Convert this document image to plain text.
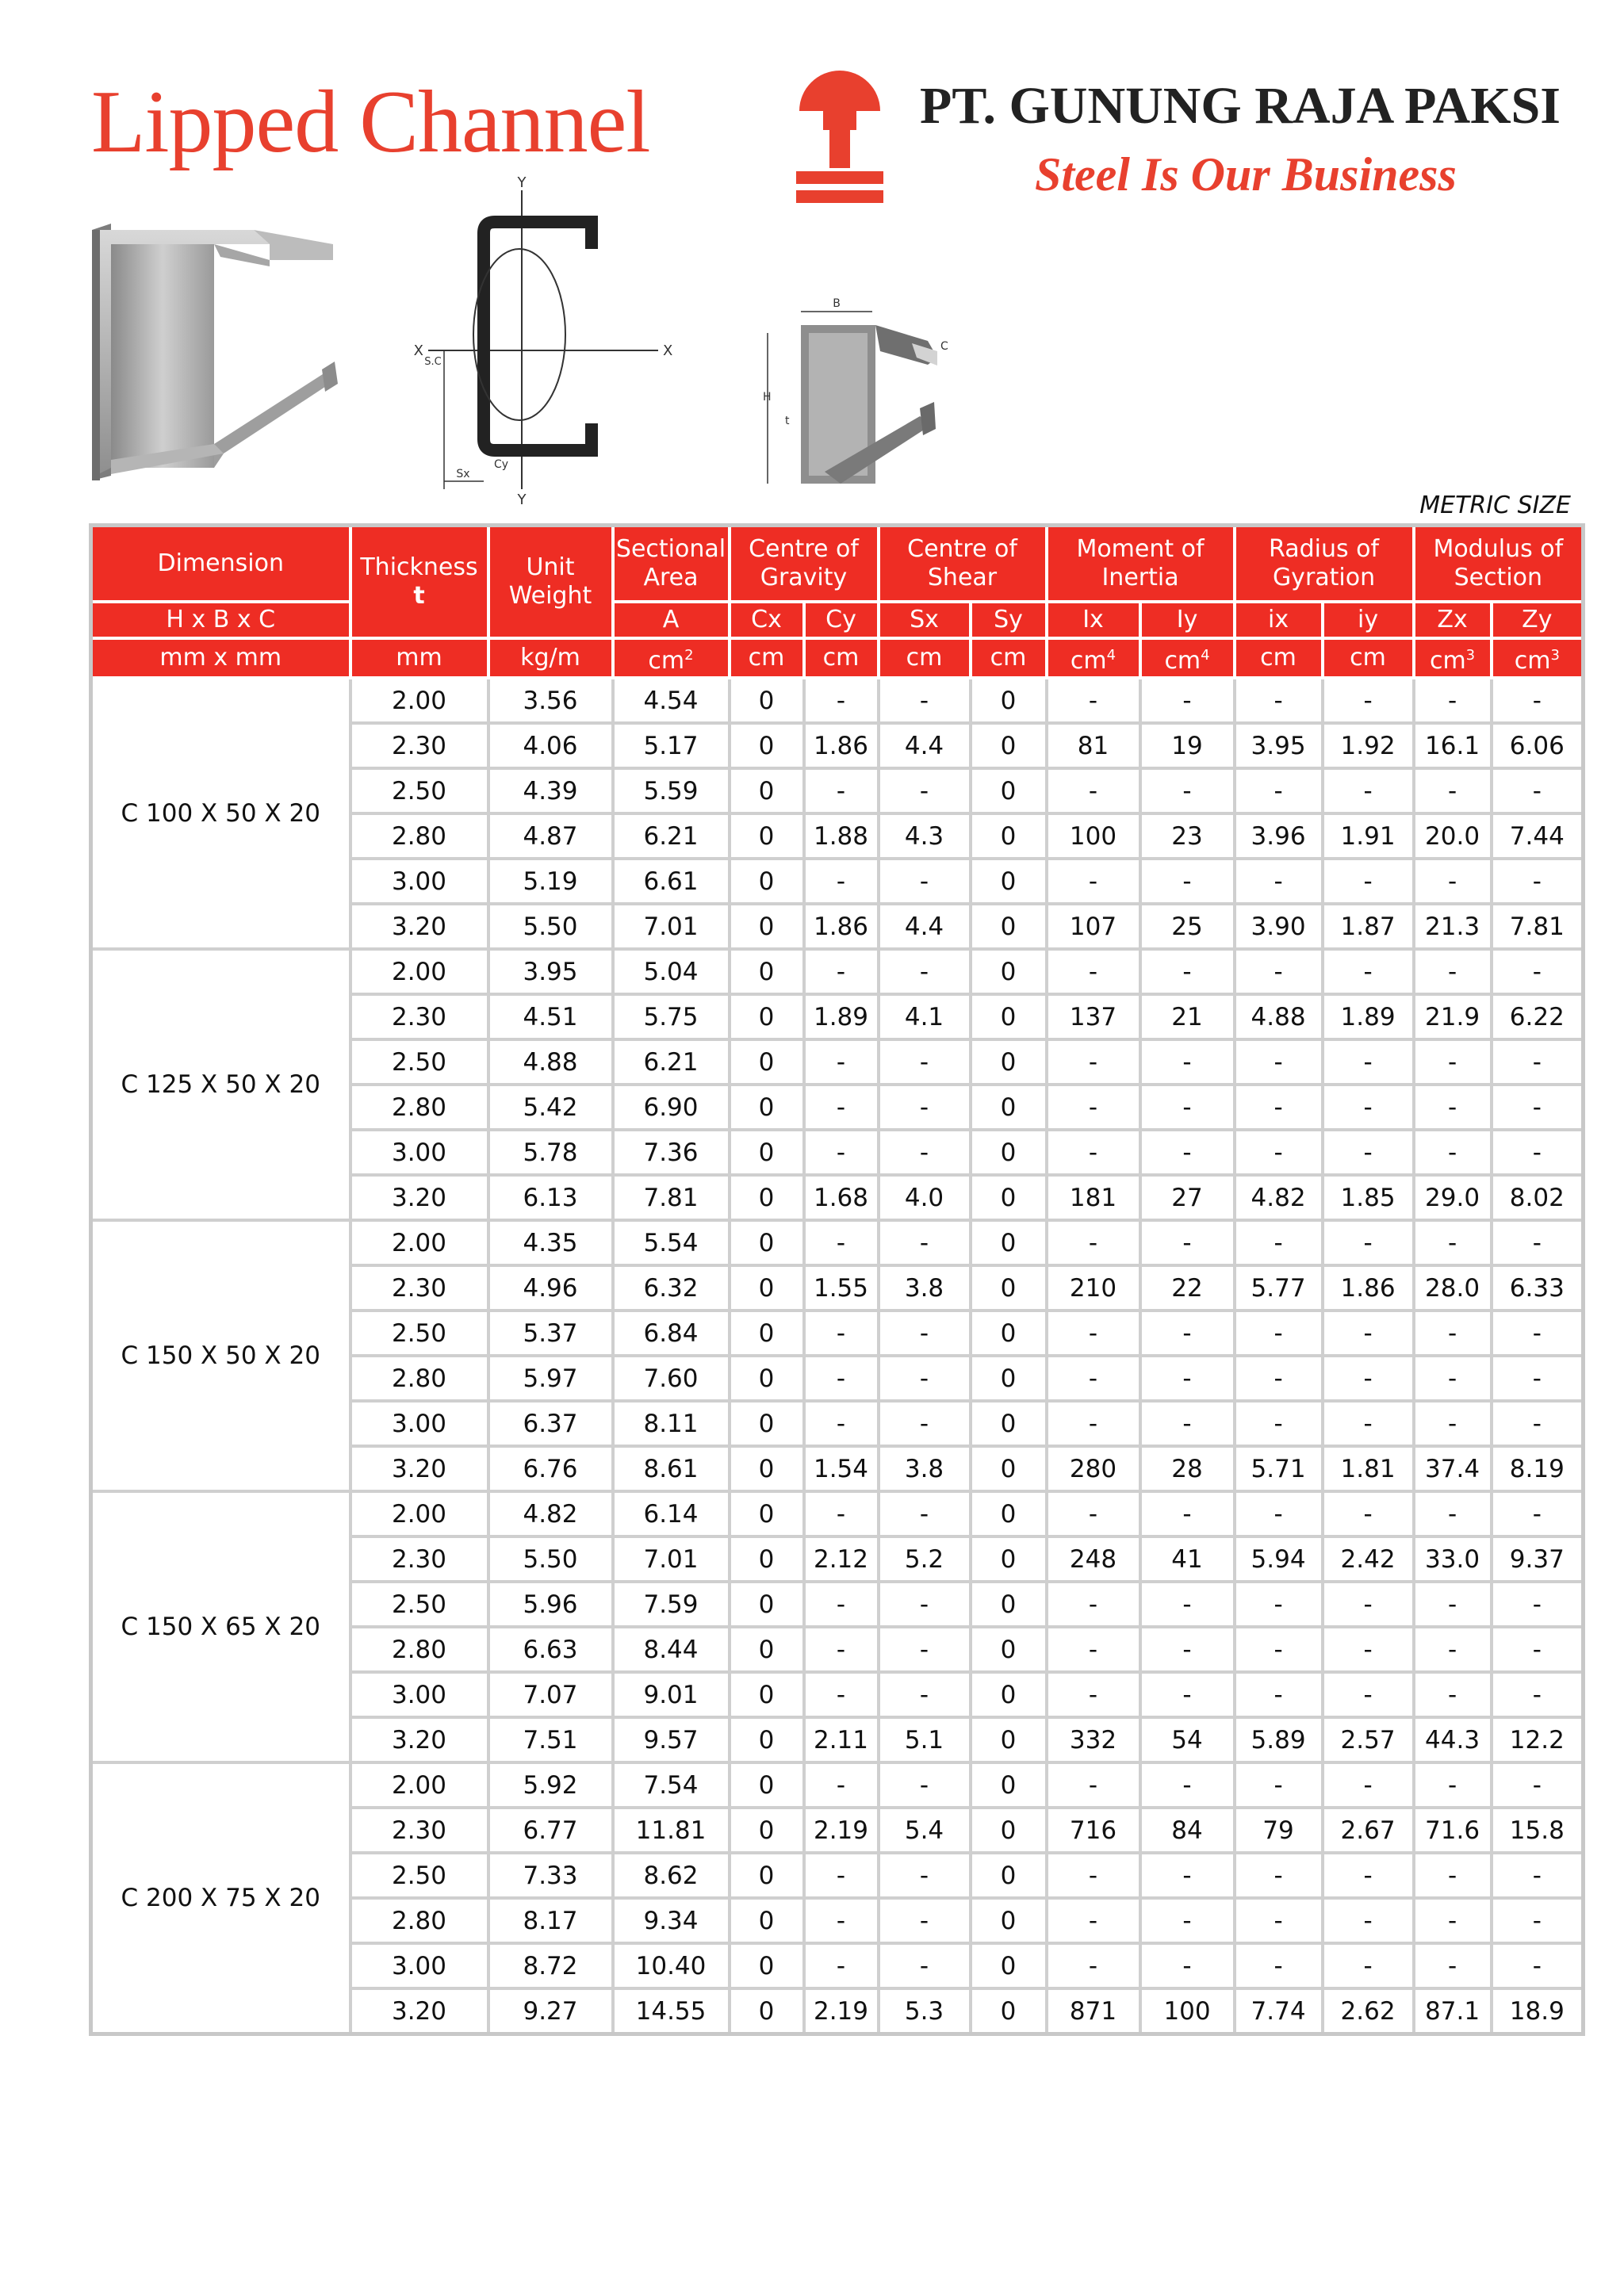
Lipped Channel	PT. GUNUNG RAJA PAKSI
Steel Is Our Business
Y
Y
X	X
S.C
Sx
Cy
B
H
C
t
METRIC SIZE
Dimension	Thickness
t	Unit Weight	Sectional Area	Centre of Gravity		Centre of Shear		Moment of Inertia		Radius of Gyration		Modulus of Section	
H x B x C			A	Cx	Cy	Sx	Sy	Ix	Iy	ix	iy	Zx	Zy
mm x mm	mm	kg/m	$cm^2$	cm	cm	cm	cm	$cm^4$	$cm^4$	cm	cm	$cm^3$	$cm^3$
C 100 X 50 X 20	2.00	3.56	4.54	0	-	-	0	-	-	-	-	-	-
	2.30	4.06	5.17	0	1.86	4.4	0	81	19	3.95	1.92	16.1	6.06
	2.50	4.39	5.59	0	-	-	0	-	-	-	-	-	-
	2.80	4.87	6.21	0	1.88	4.3	0	100	23	3.96	1.91	20.0	7.44
	3.00	5.19	6.61	0	-	-	0	-	-	-	-	-	-
	3.20	5.50	7.01	0	1.86	4.4	0	107	25	3.90	1.87	21.3	7.81
C 125 X 50 X 20	2.00	3.95	5.04	0	-	-	0	-	-	-	-	-	-
	2.30	4.51	5.75	0	1.89	4.1	0	137	21	4.88	1.89	21.9	6.22
	2.50	4.88	6.21	0	-	-	0	-	-	-	-	-	-
	2.80	5.42	6.90	0	-	-	0	-	-	-	-	-	-
	3.00	5.78	7.36	0	-	-	0	-	-	-	-	-	-
	3.20	6.13	7.81	0	1.68	4.0	0	181	27	4.82	1.85	29.0	8.02
C 150 X 50 X 20	2.00	4.35	5.54	0	-	-	0	-	-	-	-	-	-
	2.30	4.96	6.32	0	1.55	3.8	0	210	22	5.77	1.86	28.0	6.33
	2.50	5.37	6.84	0	-	-	0	-	-	-	-	-	-
	2.80	5.97	7.60	0	-	-	0	-	-	-	-	-	-
	3.00	6.37	8.11	0	-	-	0	-	-	-	-	-	-
	3.20	6.76	8.61	0	1.54	3.8	0	280	28	5.71	1.81	37.4	8.19
C 150 X 65 X 20	2.00	4.82	6.14	0	-	-	0	-	-	-	-	-	-
	2.30	5.50	7.01	0	2.12	5.2	0	248	41	5.94	2.42	33.0	9.37
	2.50	5.96	7.59	0	-	-	0	-	-	-	-	-	-
	2.80	6.63	8.44	0	-	-	0	-	-	-	-	-	-
	3.00	7.07	9.01	0	-	-	0	-	-	-	-	-	-
	3.20	7.51	9.57	0	2.11	5.1	0	332	54	5.89	2.57	44.3	12.2
C 200 X 75 X 20	2.00	5.92	7.54	0	-	-	0	-	-	-	-	-	-
	2.30	6.77	11.81	0	2.19	5.4	0	716	84	79	2.67	71.6	15.8
	2.50	7.33	8.62	0	-	-	0	-	-	-	-	-	-
	2.80	8.17	9.34	0	-	-	0	-	-	-	-	-	-
	3.00	8.72	10.40	0	-	-	0	-	-	-	-	-	-
	3.20	9.27	14.55	0	2.19	5.3	0	871	100	7.74	2.62	87.1	18.9
